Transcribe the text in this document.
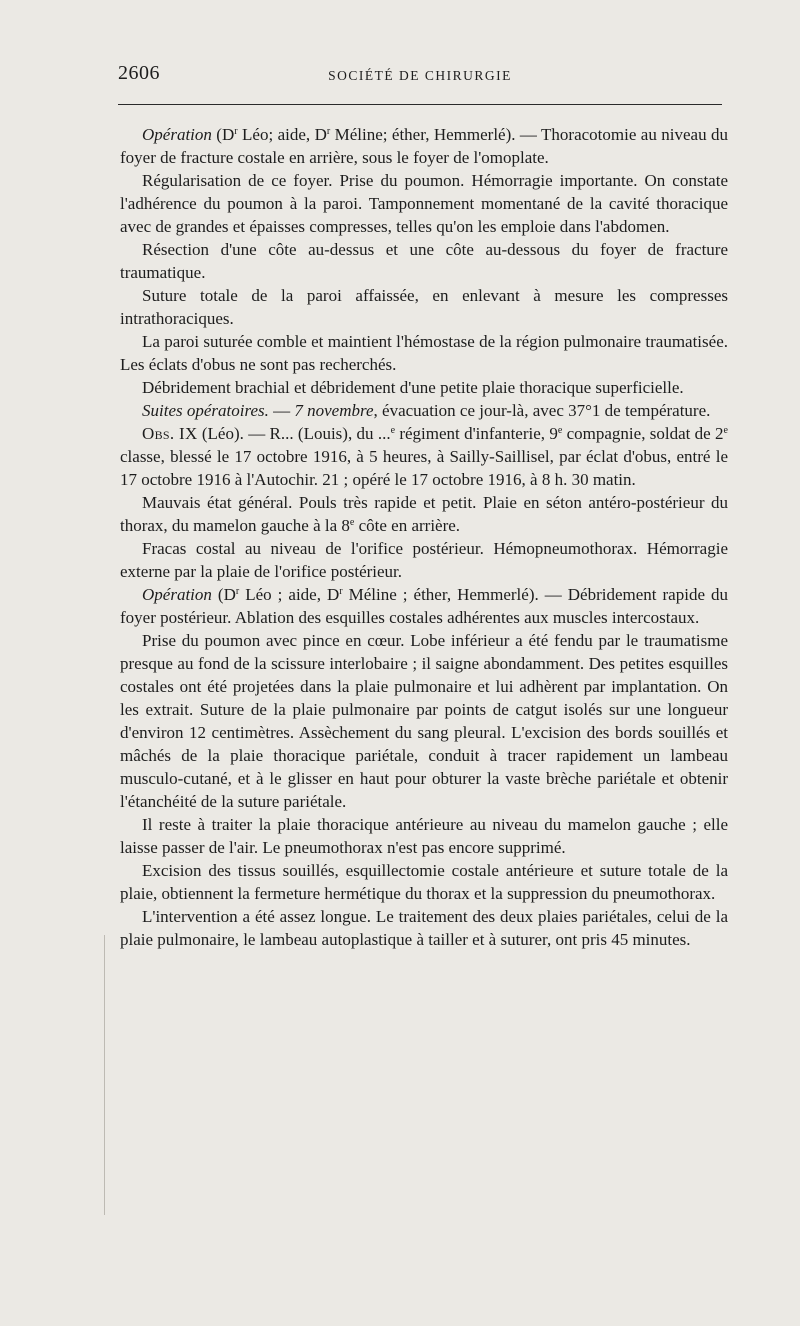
2606	SOCIÉTÉ DE CHIRURGIE

Opération ($D^r$ Léo; aide, $D^r$ Méline; éther, Hemmerlé). — Thoracotomie au niveau du foyer de fracture costale en arrière, sous le foyer de l'omoplate.

Régularisation de ce foyer. Prise du poumon. Hémorragie importante. On constate l'adhérence du poumon à la paroi. Tamponnement momentané de la cavité thoracique avec de grandes et épaisses compresses, telles qu'on les emploie dans l'abdomen.

Résection d'une côte au-dessus et une côte au-dessous du foyer de fracture traumatique.

Suture totale de la paroi affaissée, en enlevant à mesure les compresses intrathoraciques.

La paroi suturée comble et maintient l'hémostase de la région pulmonaire traumatisée. Les éclats d'obus ne sont pas recherchés.

Débridement brachial et débridement d'une petite plaie thoracique superficielle.

Suites opératoires. — 7 novembre, évacuation ce jour-là, avec 37°1 de température.

Obs. IX (Léo). — R... (Louis), du ...$^e$ régiment d'infanterie, 9e compagnie, soldat de 2e classe, blessé le 17 octobre 1916, à 5 heures, à Sailly-Saillisel, par éclat d'obus, entré le 17 octobre 1916 à l'Autochir. 21 ; opéré le 17 octobre 1916, à 8 h. 30 matin.

Mauvais état général. Pouls très rapide et petit. Plaie en séton antéro-postérieur du thorax, du mamelon gauche à la 8e côte en arrière.

Fracas costal au niveau de l'orifice postérieur. Hémopneumothorax. Hémorragie externe par la plaie de l'orifice postérieur.

Opération ($D^r$ Léo ; aide, $D^r$ Méline ; éther, Hemmerlé). — Débridement rapide du foyer postérieur. Ablation des esquilles costales adhérentes aux muscles intercostaux.

Prise du poumon avec pince en cœur. Lobe inférieur a été fendu par le traumatisme presque au fond de la scissure interlobaire ; il saigne abondamment. Des petites esquilles costales ont été projetées dans la plaie pulmonaire et lui adhèrent par implantation. On les extrait. Suture de la plaie pulmonaire par points de catgut isolés sur une longueur d'environ 12 centimètres. Assèchement du sang pleural. L'excision des bords souillés et mâchés de la plaie thoracique pariétale, conduit à tracer rapidement un lambeau musculo-cutané, et à le glisser en haut pour obturer la vaste brèche pariétale et obtenir l'étanchéité de la suture pariétale.

Il reste à traiter la plaie thoracique antérieure au niveau du mamelon gauche ; elle laisse passer de l'air. Le pneumothorax n'est pas encore supprimé.

Excision des tissus souillés, esquillectomie costale antérieure et suture totale de la plaie, obtiennent la fermeture hermétique du thorax et la suppression du pneumothorax.

L'intervention a été assez longue. Le traitement des deux plaies pariétales, celui de la plaie pulmonaire, le lambeau autoplastique à tailler et à suturer, ont pris 45 minutes.
